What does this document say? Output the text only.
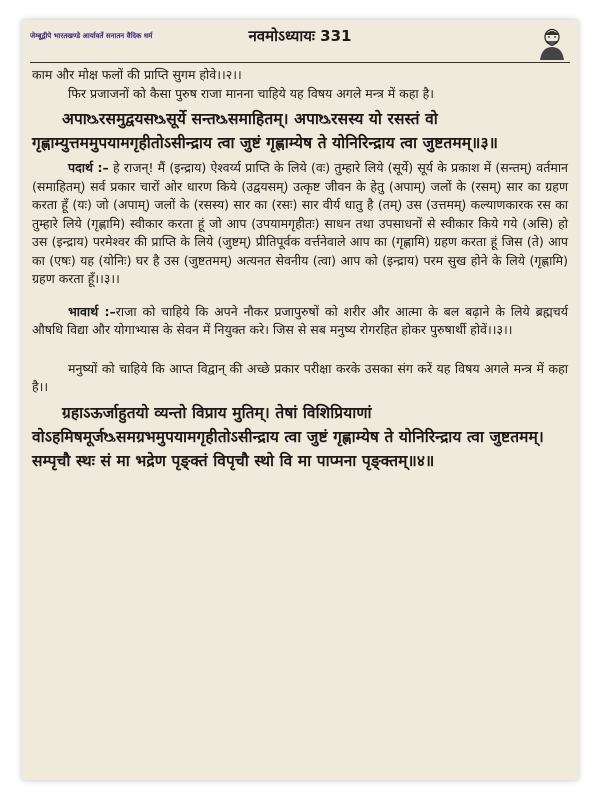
जेम्बूद्वीपे भारतखण्डे आर्यावर्ते सनातन वैदिक धर्म	नवमोऽध्यायः 331

काम और मोक्ष फलों की प्राप्ति सुगम होवे।।२।।

फिर प्रजाजनों को कैसा पुरुष राजा मानना चाहिये यह विषय अगले मन्त्र में कहा है।

अपाᳬरसमुद्वयसᳬसूर्ये सन्तᳬसमाहितम्। अपाᳬरसस्य यो रसस्तं वो गृह्णाम्युत्तममुपयामगृहीतोऽसीन्द्राय त्वा जुष्टं गृह्णाम्येष ते योनिरिन्द्राय त्वा जुष्टतमम्॥३॥

पदार्थ :– हे राजन्! मैं (इन्द्राय) ऐश्वर्य्य प्राप्ति के लिये (वः) तुम्हारे लिये (सूर्ये) सूर्य के प्रकाश में (सन्तम्) वर्तमान (समाहितम्) सर्व प्रकार चारों ओर धारण किये (उद्वयसम्) उत्कृष्ट जीवन के हेतु (अपाम्) जलों के (रसम्) सार का ग्रहण करता हूँ (यः) जो (अपाम्) जलों के (रसस्य) सार का (रसः) सार वीर्य धातु है (तम्) उस (उत्तमम्) कल्याणकारक रस का तुम्हारे लिये (गृह्णामि) स्वीकार करता हूं जो आप (उपयामगृहीतः) साधन तथा उपसाधनों से स्वीकार किये गये (असि) हो उस (इन्द्राय) परमेश्वर की प्राप्ति के लिये (जुष्टम्) प्रीतिपूर्वक वर्त्तनेवाले आप का (गृह्णामि) ग्रहण करता हूं जिस (ते) आप का (एषः) यह (योनिः) घर है उस (जुष्टतमम्) अत्यनत सेवनीय (त्वा) आप को (इन्द्राय) परम सुख होने के लिये (गृह्णामि) ग्रहण करता हूँ।।३।।

भावार्थ :–राजा को चाहिये कि अपने नौकर प्रजापुरुषों को शरीर और आत्मा के बल बढ़ाने के लिये ब्रह्मचर्य औषधि विद्या और योगाभ्यास के सेवन में नियुक्त करे। जिस से सब मनुष्य रोगरहित होकर पुरुषार्थी होवें।।३।।

मनुष्यों को चाहिये कि आप्त विद्वान् की अच्छे प्रकार परीक्षा करके उसका संग करें यह विषय अगले मन्त्र में कहा है।।

ग्रहाऽऊर्जाहुतयो व्यन्तो विप्राय मुतिम्। तेषां विशिप्रियाणां वोऽहमिषमूर्जᳬसमग्रभमुपयामगृहीतोऽसीन्द्राय त्वा जुष्टं गृह्णाम्येष ते योनिरिन्द्राय त्वा जुष्टतमम्। सम्पृचौ स्थः सं मा भद्रेण पृङ्क्तं विपृचौ स्थो वि मा पाप्मना पृङ्क्तम्॥४॥
